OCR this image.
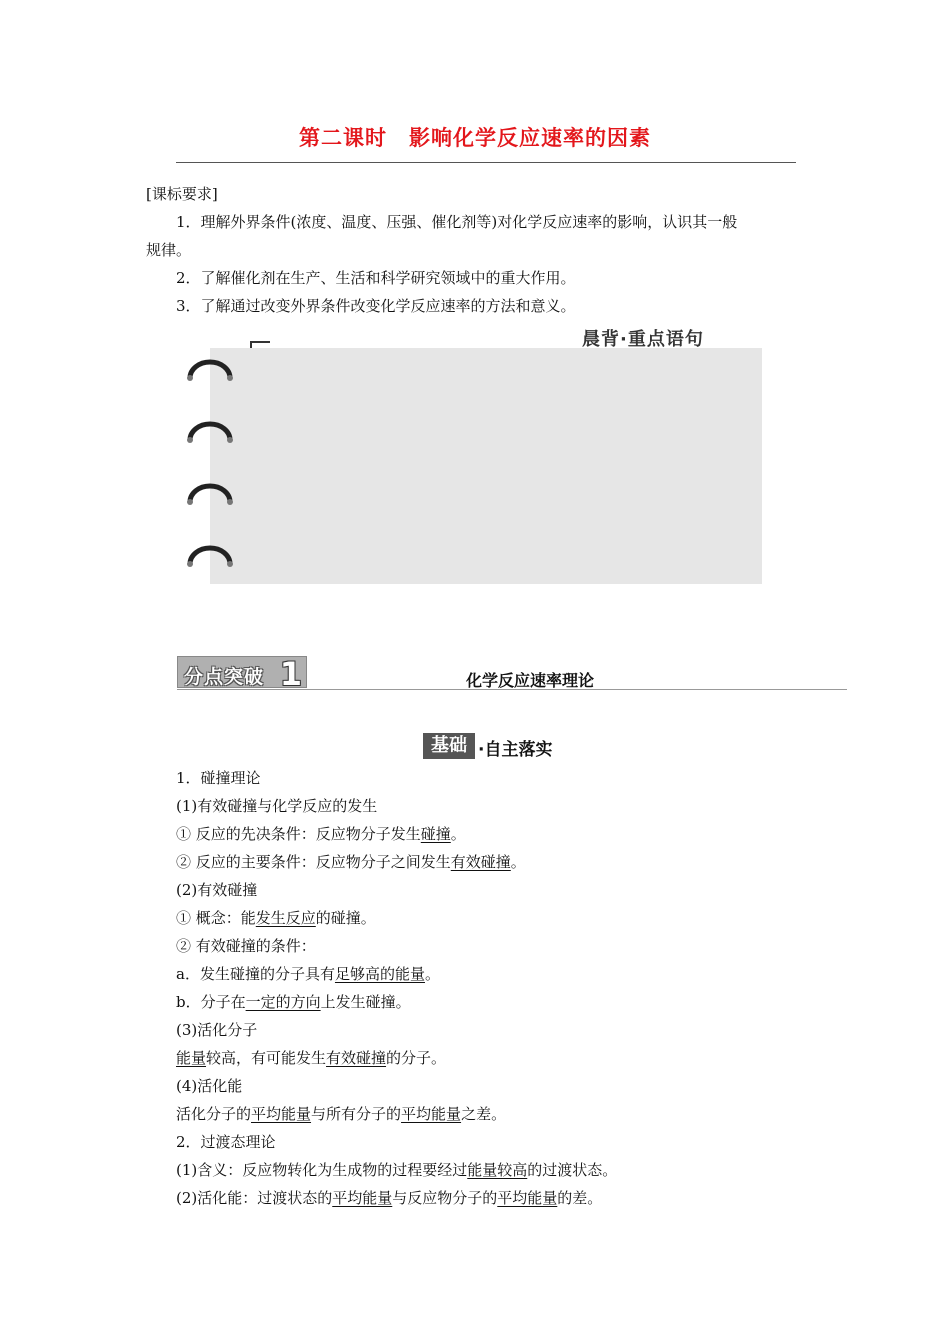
第二课时　影响化学反应速率的因素
[课标要求]
1．理解外界条件(浓度、温度、压强、催化剂等)对化学反应速率的影响，认识其一般
规律。
2．了解催化剂在生产、生活和科学研究领域中的重大作用。
3．了解通过改变外界条件改变化学反应速率的方法和意义。
晨背·重点语句
分点突破 1	化学反应速率理论
基础 ·自主落实
1．碰撞理论
(1)有效碰撞与化学反应的发生
① 反应的先决条件：反应物分子发生碰撞。
② 反应的主要条件：反应物分子之间发生有效碰撞。
(2)有效碰撞
① 概念：能发生反应的碰撞。
② 有效碰撞的条件：
a．发生碰撞的分子具有足够高的能量。
b．分子在一定的方向上发生碰撞。
(3)活化分子
能量较高，有可能发生有效碰撞的分子。
(4)活化能
活化分子的平均能量与所有分子的平均能量之差。
2．过渡态理论
(1)含义：反应物转化为生成物的过程要经过能量较高的过渡状态。
(2)活化能：过渡状态的平均能量与反应物分子的平均能量的差。
